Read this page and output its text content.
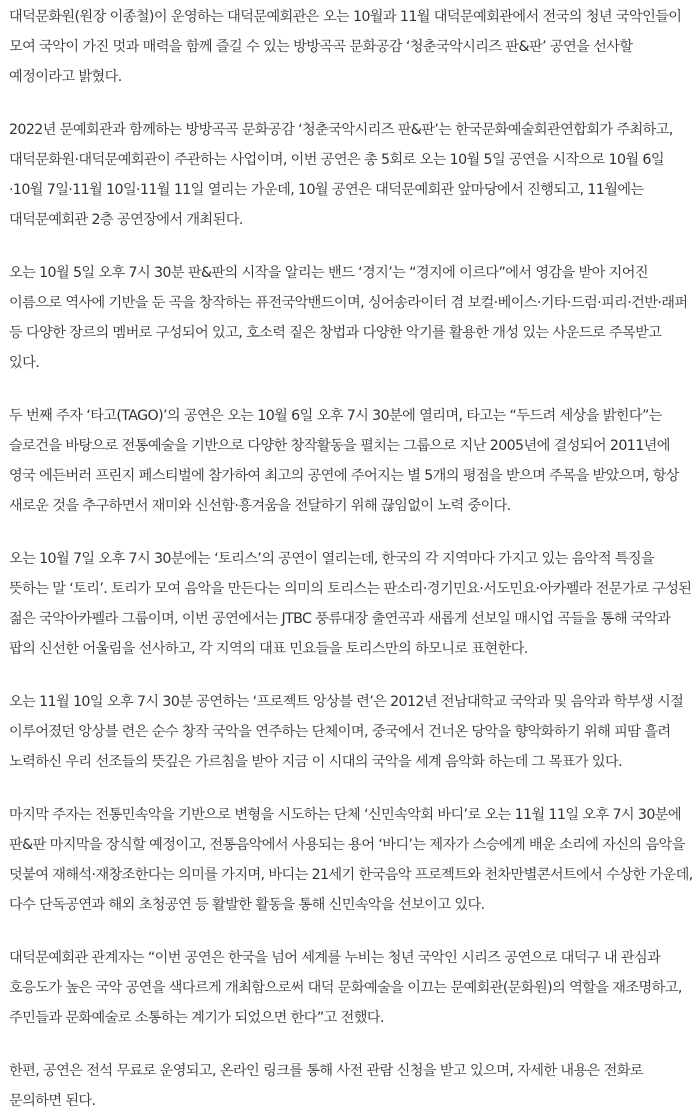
대덕문화원(원장 이종철)이 운영하는 대덕문예회관은 오는 10월과 11월 대덕문예회관에서 전국의 청년 국악인들이 모여 국악이 가진 멋과 매력을 함께 즐길 수 있는 방방곡곡 문화공감 ‘청춘국악시리즈 판&판’ 공연을 선사할 예정이라고 밝혔다.

2022년 문예회관과 함께하는 방방곡곡 문화공감 ‘청춘국악시리즈 판&판’는 한국문화예술회관연합회가 주최하고, 대덕문화원·대덕문예회관이 주관하는 사업이며, 이번 공연은 총 5회로 오는 10월 5일 공연을 시작으로 10월 6일·10월 7일·11월 10일·11월 11일 열리는 가운데, 10월 공연은 대덕문예회관 앞마당에서 진행되고, 11월에는 대덕문예회관 2층 공연장에서 개최된다.

오는 10월 5일 오후 7시 30분 판&판의 시작을 알리는 밴드 ‘경지’는 “경지에 이르다”에서 영감을 받아 지어진 이름으로 역사에 기반을 둔 곡을 창작하는 퓨전국악밴드이며, 싱어송라이터 겸 보컬·베이스·기타·드럼·피리·건반·래퍼 등 다양한 장르의 멤버로 구성되어 있고, 호소력 짙은 창법과 다양한 악기를 활용한 개성 있는 사운드로 주목받고 있다.

두 번째 주자 ‘타고(TAGO)’의 공연은 오는 10월 6일 오후 7시 30분에 열리며, 타고는 “두드려 세상을 밝힌다”는 슬로건을 바탕으로 전통예술을 기반으로 다양한 창작활동을 펼치는 그룹으로 지난 2005년에 결성되어 2011년에 영국 에든버러 프린지 페스티벌에 참가하여 최고의 공연에 주어지는 별 5개의 평점을 받으며 주목을 받았으며, 항상 새로운 것을 추구하면서 재미와 신선함·흥겨움을 전달하기 위해 끊임없이 노력 중이다.

오는 10월 7일 오후 7시 30분에는 ‘토리스’의 공연이 열리는데, 한국의 각 지역마다 가지고 있는 음악적 특징을 뜻하는 말 ‘토리’. 토리가 모여 음악을 만든다는 의미의 토리스는 판소리·경기민요·서도민요·아카펠라 전문가로 구성된 젊은 국악아카펠라 그룹이며, 이번 공연에서는 JTBC 풍류대장 출연곡과 새롭게 선보일 매시업 곡들을 통해 국악과 팝의 신선한 어울림을 선사하고, 각 지역의 대표 민요들을 토리스만의 하모니로 표현한다.

오는 11월 10일 오후 7시 30분 공연하는 ‘프로젝트 앙상블 련’은 2012년 전남대학교 국악과 및 음악과 학부생 시절 이루어졌던 앙상블 련은 순수 창작 국악을 연주하는 단체이며, 중국에서 건너온 당악을 향악화하기 위해 피땀 흘려 노력하신 우리 선조들의 뜻깊은 가르침을 받아 지금 이 시대의 국악을 세계 음악화 하는데 그 목표가 있다.

마지막 주자는 전통민속악을 기반으로 변형을 시도하는 단체 ‘신민속악회 바디’로 오는 11월 11일 오후 7시 30분에 판&판 마지막을 장식할 예정이고, 전통음악에서 사용되는 용어 ‘바디’는 제자가 스승에게 배운 소리에 자신의 음악을 덧붙여 재해석·재창조한다는 의미를 가지며, 바디는 21세기 한국음악 프로젝트와 천차만별콘서트에서 수상한 가운데, 다수 단독공연과 해외 초청공연 등 활발한 활동을 통해 신민속악을 선보이고 있다.

대덕문예회관 관계자는 “이번 공연은 한국을 넘어 세계를 누비는 청년 국악인 시리즈 공연으로 대덕구 내 관심과 호응도가 높은 국악 공연을 색다르게 개최함으로써 대덕 문화예술을 이끄는 문예회관(문화원)의 역할을 재조명하고, 주민들과 문화예술로 소통하는 계기가 되었으면 한다”고 전했다.

한편, 공연은 전석 무료로 운영되고, 온라인 링크를 통해 사전 관람 신청을 받고 있으며, 자세한 내용은 전화로 문의하면 된다.
